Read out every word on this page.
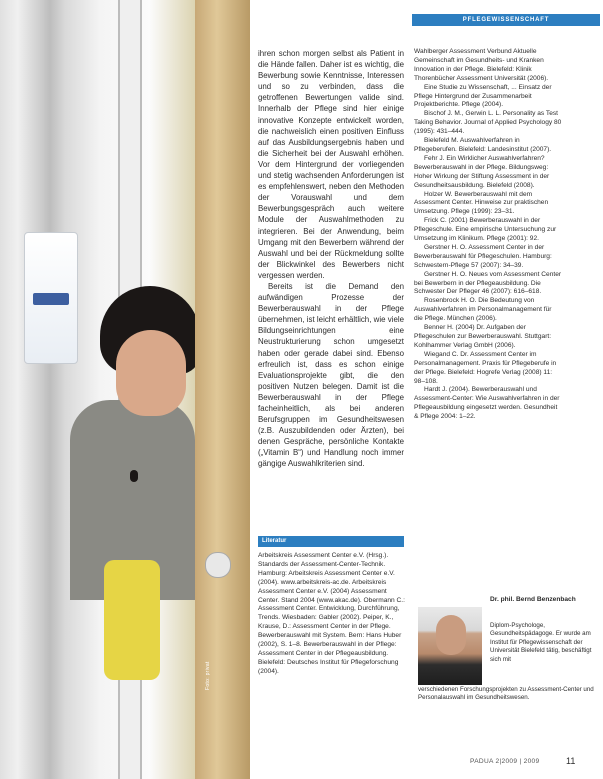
Foto: privat
PFLEGEWISSENSCHAFT

ihren schon morgen selbst als Patient in die Hände fallen. Daher ist es wichtig, die Bewerbung sowie Kenntnisse, Interessen und so zu verbinden, dass die getroffenen Bewertungen valide sind. Innerhalb der Pflege sind hier einige innovative Konzepte entwickelt worden, die nachweislich einen positiven Einfluss auf das Ausbildungsergebnis haben und die Sicherheit bei der Auswahl erhöhen. Vor dem Hintergrund der vorliegenden und stetig wachsenden Anforderungen ist es empfehlenswert, neben den Methoden der Vorauswahl und dem Bewerbungsgespräch auch weitere Module der Auswahlmethoden zu integrieren. Bei der Anwendung, beim Umgang mit den Bewerbern während der Auswahl und bei der Rückmeldung sollte der Blickwinkel des Bewerbers nicht vergessen werden.

Bereits ist die Demand den aufwändigen Prozesse der Bewerberauswahl in der Pflege übernehmen, ist leicht erhältlich, wie viele Bildungseinrichtungen eine Neustrukturierung schon umgesetzt haben oder gerade dabei sind. Ebenso erfreulich ist, dass es schon einige Evaluationsprojekte gibt, die den positiven Nutzen belegen. Damit ist die Bewerberauswahl in der Pflege facheinheitlich, als bei anderen Berufsgruppen im Gesundheitswesen (z.B. Auszubildenden oder Ärzten), bei denen Gespräche, persönliche Kontakte („Vitamin B“) und Handlung noch immer gängige Auswahlkriterien sind.

Wahlberger Assessment Verbund Aktuelle Gemeinschaft im Gesundheits- und Kranken Innovation in der Pflege. Bielefeld: Klinik Thorenbücher Assessment Universität (2006).

Eine Studie zu Wissenschaft, ... Einsatz der Pflege Hintergrund der Zusammenarbeit Projektberichte. Pflege (2004).

Bischof J. M., Gerwin L. L. Personality as Test Taking Behavior. Journal of Applied Psychology 80 (1995): 431–444.

Bielefeld M. Auswahlverfahren in Pflegeberufen. Bielefeld: Landesinstitut (2007).

Fehr J. Ein Wirklicher Auswahlverfahren? Bewerberauswahl in der Pflege. Bildungsweg: Hoher Wirkung der Stiftung Assessment in der Gesundheitsausbildung. Bielefeld (2008).

Holzer W. Bewerberauswahl mit dem Assessment Center. Hinweise zur praktischen Umsetzung. Pflege (1999): 23–31.

Frick C. (2001) Bewerberauswahl in der Pflegeschule. Eine empirische Untersuchung zur Umsetzung im Klinikum. Pflege (2001): 92.

Gerstner H. O. Assessment Center in der Bewerberauswahl für Pflegeschulen. Hamburg: Schwestern-Pflege 57 (2007): 34–39.

Gerstner H. O. Neues vom Assessment Center bei Bewerbern in der Pflegeausbildung. Die Schwester Der Pfleger 46 (2007): 616–618.

Rosenbrock H. O. Die Bedeutung von Auswahlverfahren im Personalmanagement für die Pflege. München (2006).

Benner H. (2004) Dr. Aufgaben der Pflegeschulen zur Bewerberauswahl. Stuttgart: Kohlhammer Verlag GmbH (2006).

Wiegand C. Dr. Assessment Center im Personalmanagement. Praxis für Pflegeberufe in der Pflege. Bielefeld: Hogrefe Verlag (2008) 11: 98–108.

Hardt J. (2004). Bewerberauswahl und Assessment-Center: Wie Auswahlverfahren in der Pflegeausbildung eingesetzt werden. Gesundheit & Pflege 2004: 1–22.

Literatur
Arbeitskreis Assessment Center e.V. (Hrsg.). Standards der Assessment-Center-Technik. Hamburg: Arbeitskreis Assessment Center e.V. (2004). www.arbeitskreis-ac.de. Arbeitskreis Assessment Center e.V. (2004) Assessment Center. Stand 2004 (www.akac.de). Obermann C.: Assessment Center. Entwicklung, Durchführung, Trends. Wiesbaden: Gabler (2002). Peiper, K., Krause, D.: Assessment Center in der Pflege. Bewerberauswahl mit System. Bern: Hans Huber (2002), S. 1–8. Bewerberauswahl in der Pflege: Assessment Center in der Pflegeausbildung. Bielefeld: Deutsches Institut für Pflegeforschung (2004).
Dr. phil. Bernd Benzenbach
Diplom-Psychologe, Gesundheitspädagoge. Er wurde am Institut für Pflegewissenschaft der Universität Bielefeld tätig, beschäftigt sich mit
verschiedenen Forschungsprojekten zu Assessment-Center und Personalauswahl im Gesundheitswesen.
PADUA 2|2009 | 2009	11
